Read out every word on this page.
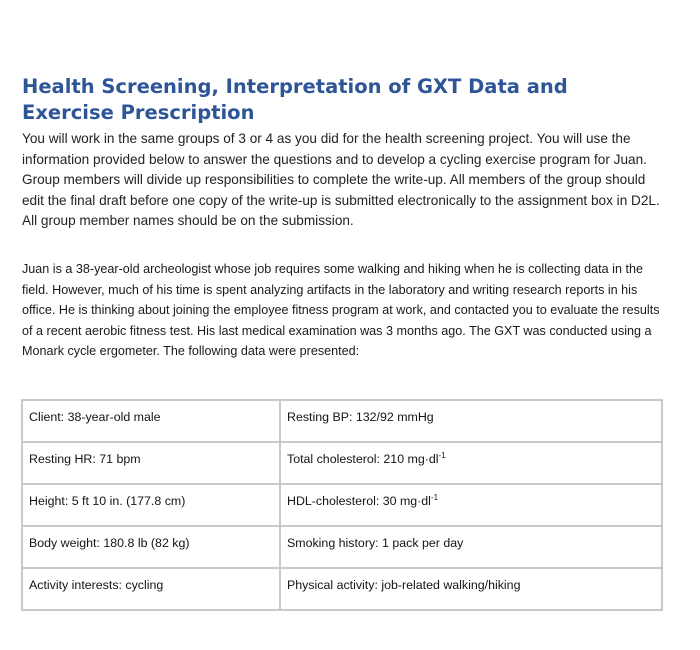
Health Screening, Interpretation of GXT Data and Exercise Prescription

You will work in the same groups of 3 or 4 as you did for the health screening project. You will use the information provided below to answer the questions and to develop a cycling exercise program for Juan. Group members will divide up responsibilities to complete the write-up. All members of the group should edit the final draft before one copy of the write-up is submitted electronically to the assignment box in D2L. All group member names should be on the submission.

Juan is a 38-year-old archeologist whose job requires some walking and hiking when he is collecting data in the field. However, much of his time is spent analyzing artifacts in the laboratory and writing research reports in his office. He is thinking about joining the employee fitness program at work, and contacted you to evaluate the results of a recent aerobic fitness test. His last medical examination was 3 months ago. The GXT was conducted using a Monark cycle ergometer. The following data were presented:

Client: 38-year-old male	Resting BP: 132/92 mmHg
Resting HR: 71 bpm	Total cholesterol: 210 $mg\cdot dl^{-1}$
Height: 5 ft 10 in. (177.8 cm)	HDL-cholesterol: 30 $mg\cdot dl^{-1}$
Body weight: 180.8 lb (82 kg)	Smoking history: 1 pack per day
Activity interests: cycling	Physical activity: job-related walking/hiking
